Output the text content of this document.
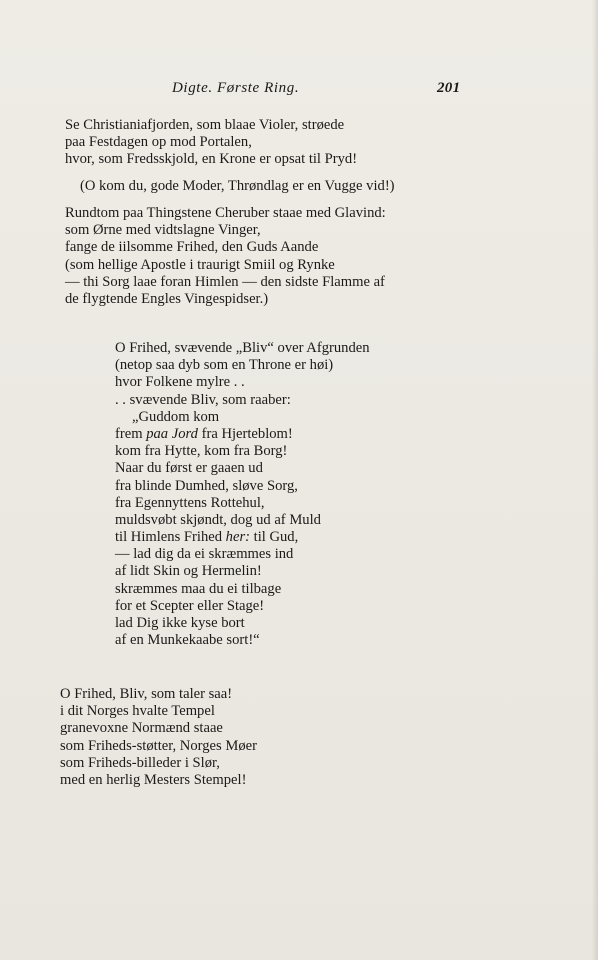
Digte. Første Ring.	201
Se Christianiafjorden, som blaae Violer, strøede
paa Festdagen op mod Portalen,
hvor, som Fredsskjold, en Krone er opsat til Pryd!
(O kom du, gode Moder, Thrøndlag er en Vugge vid!)
Rundtom paa Thingstene Cheruber staae med Glavind:
som Ørne med vidtslagne Vinger,
fange de iilsomme Frihed, den Guds Aande
(som hellige Apostle i traurigt Smiil og Rynke
— thi Sorg laae foran Himlen — den sidste Flamme af
de flygtende Engles Vingespidser.)
O Frihed, svævende „Bliv“ over Afgrunden
(netop saa dyb som en Throne er høi)
hvor Folkene mylre . .
. . svævende Bliv, som raaber:
„Guddom kom
frem paa Jord fra Hjerteblom!
kom fra Hytte, kom fra Borg!
Naar du først er gaaen ud
fra blinde Dumhed, sløve Sorg,
fra Egennyttens Rottehul,
muldsvøbt skjøndt, dog ud af Muld
til Himlens Frihed her: til Gud,
— lad dig da ei skræmmes ind
af lidt Skin og Hermelin!
skræmmes maa du ei tilbage
for et Scepter eller Stage!
lad Dig ikke kyse bort
af en Munkekaabe sort!“
O Frihed, Bliv, som taler saa!
i dit Norges hvalte Tempel
granevoxne Normænd staae
som Friheds-støtter, Norges Møer
som Friheds-billeder i Slør,
med en herlig Mesters Stempel!
